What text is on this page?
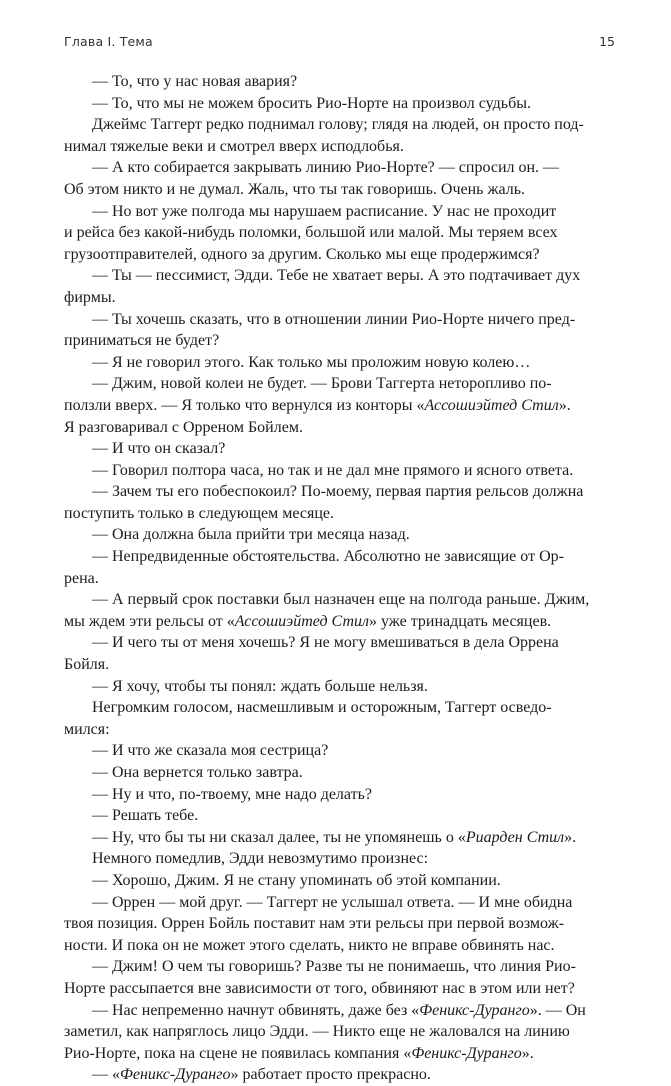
Глава I. Тема	15

— То, что у нас новая авария?

— То, что мы не можем бросить Рио-Норте на произвол судьбы.

Джеймс Таггерт редко поднимал голову; глядя на людей, он просто под-
нимал тяжелые веки и смотрел вверх исподлобья.

— А кто собирается закрывать линию Рио-Норте? — спросил он. —
Об этом никто и не думал. Жаль, что ты так говоришь. Очень жаль.

— Но вот уже полгода мы нарушаем расписание. У нас не проходит
и рейса без какой-нибудь поломки, большой или малой. Мы теряем всех
грузоотправителей, одного за другим. Сколько мы еще продержимся?

— Ты — пессимист, Эдди. Тебе не хватает веры. А это подтачивает дух
фирмы.

— Ты хочешь сказать, что в отношении линии Рио-Норте ничего пред-
приниматься не будет?

— Я не говорил этого. Как только мы проложим новую колею…

— Джим, новой колеи не будет. — Брови Таггерта неторопливо по-
ползли вверх. — Я только что вернулся из конторы «Ассошиэйтед Стил».
Я разговаривал с Орреном Бойлем.

— И что он сказал?

— Говорил полтора часа, но так и не дал мне прямого и ясного ответа.

— Зачем ты его побеспокоил? По-моему, первая партия рельсов должна
поступить только в следующем месяце.

— Она должна была прийти три месяца назад.

— Непредвиденные обстоятельства. Абсолютно не зависящие от Ор-
рена.

— А первый срок поставки был назначен еще на полгода раньше. Джим,
мы ждем эти рельсы от «Ассошиэйтед Стил» уже тринадцать месяцев.

— И чего ты от меня хочешь? Я не могу вмешиваться в дела Оррена
Бойля.

— Я хочу, чтобы ты понял: ждать больше нельзя.

Негромким голосом, насмешливым и осторожным, Таггерт осведо-
мился:

— И что же сказала моя сестрица?

— Она вернется только завтра.

— Ну и что, по-твоему, мне надо делать?

— Решать тебе.

— Ну, что бы ты ни сказал далее, ты не упомянешь о «Риарден Стил».

Немного помедлив, Эдди невозмутимо произнес:

— Хорошо, Джим. Я не стану упоминать об этой компании.

— Оррен — мой друг. — Таггерт не услышал ответа. — И мне обидна
твоя позиция. Оррен Бойль поставит нам эти рельсы при первой возмож-
ности. И пока он не может этого сделать, никто не вправе обвинять нас.

— Джим! О чем ты говоришь? Разве ты не понимаешь, что линия Рио-
Норте рассыпается вне зависимости от того, обвиняют нас в этом или нет?

— Нас непременно начнут обвинять, даже без «Феникс-Дуранго». — Он
заметил, как напряглось лицо Эдди. — Никто еще не жаловался на линию
Рио-Норте, пока на сцене не появилась компания «Феникс-Дуранго».

— «Феникс-Дуранго» работает просто прекрасно.
